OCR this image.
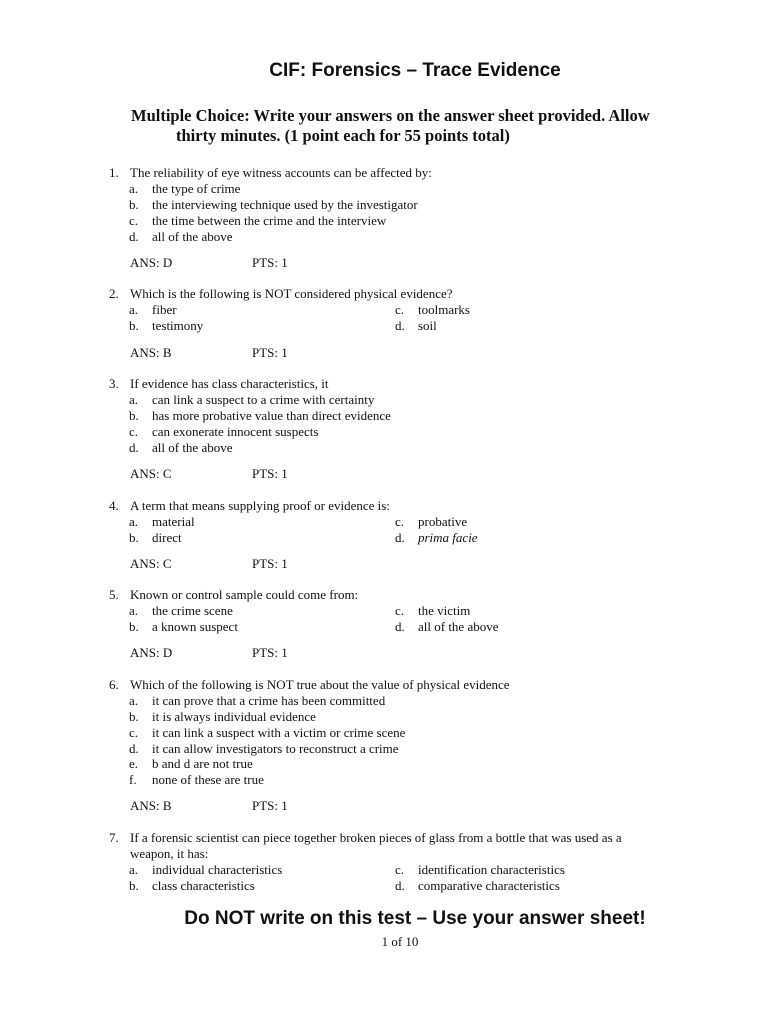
CIF: Forensics – Trace Evidence
Multiple Choice: Write your answers on the answer sheet provided. Allow
thirty minutes. (1 point each for 55 points total)
1. The reliability of eye witness accounts can be affected by:
a. the type of crime
b. the interviewing technique used by the investigator
c. the time between the crime and the interview
d. all of the above
ANS: D	PTS: 1
2. Which is the following is NOT considered physical evidence?
a. fiber
b. testimony
c. toolmarks
d. soil
ANS: B	PTS: 1
3. If evidence has class characteristics, it
a. can link a suspect to a crime with certainty
b. has more probative value than direct evidence
c. can exonerate innocent suspects
d. all of the above
ANS: C	PTS: 1
4. A term that means supplying proof or evidence is:
a. material
b. direct
c. probative
d. prima facie
ANS: C	PTS: 1
5. Known or control sample could come from:
a. the crime scene
b. a known suspect
c. the victim
d. all of the above
ANS: D	PTS: 1
6. Which of the following is NOT true about the value of physical evidence
a. it can prove that a crime has been committed
b. it is always individual evidence
c. it can link a suspect with a victim or crime scene
d. it can allow investigators to reconstruct a crime
e. b and d are not true
f. none of these are true
ANS: B	PTS: 1
7. If a forensic scientist can piece together broken pieces of glass from a bottle that was used as a
weapon, it has:
a. individual characteristics
b. class characteristics
c. identification characteristics
d. comparative characteristics
Do NOT write on this test – Use your answer sheet!
1 of 10
